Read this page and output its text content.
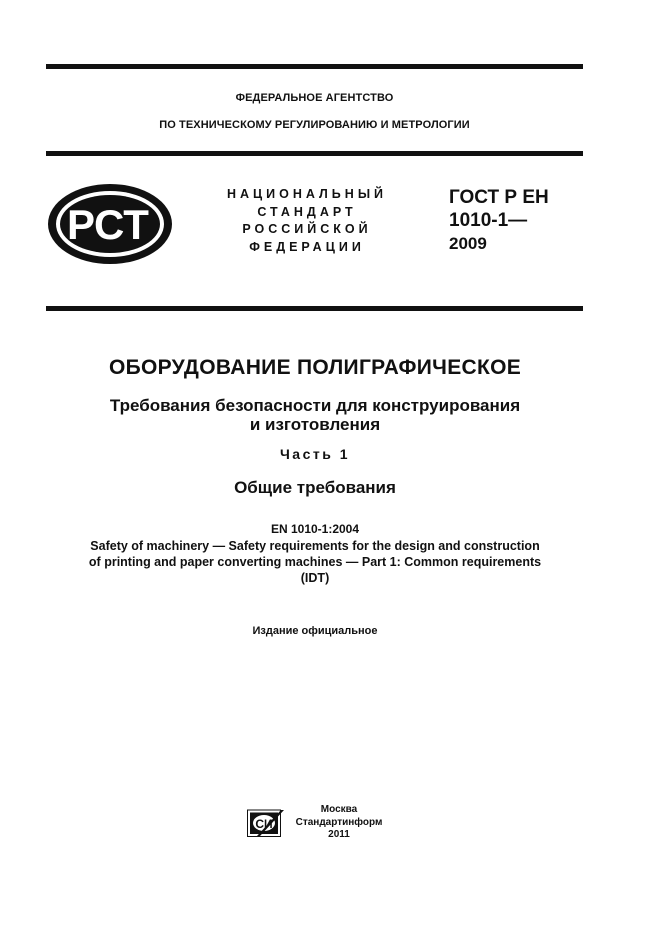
ФЕДЕРАЛЬНОЕ АГЕНТСТВО
ПО ТЕХНИЧЕСКОМУ РЕГУЛИРОВАНИЮ И МЕТРОЛОГИИ
РСТ
НАЦИОНАЛЬНЫЙ
СТАНДАРТ
РОССИЙСКОЙ
ФЕДЕРАЦИИ
ГОСТ Р ЕН
1010-1—
2009
ОБОРУДОВАНИЕ ПОЛИГРАФИЧЕСКОЕ
Требования безопасности для конструирования
и изготовления
Часть 1
Общие требования
EN 1010-1:2004
Safety of machinery — Safety requirements for the design and construction
of printing and paper converting machines — Part 1: Common requirements
(IDT)
Издание официальное
СИ
Москва
Стандартинформ
2011
